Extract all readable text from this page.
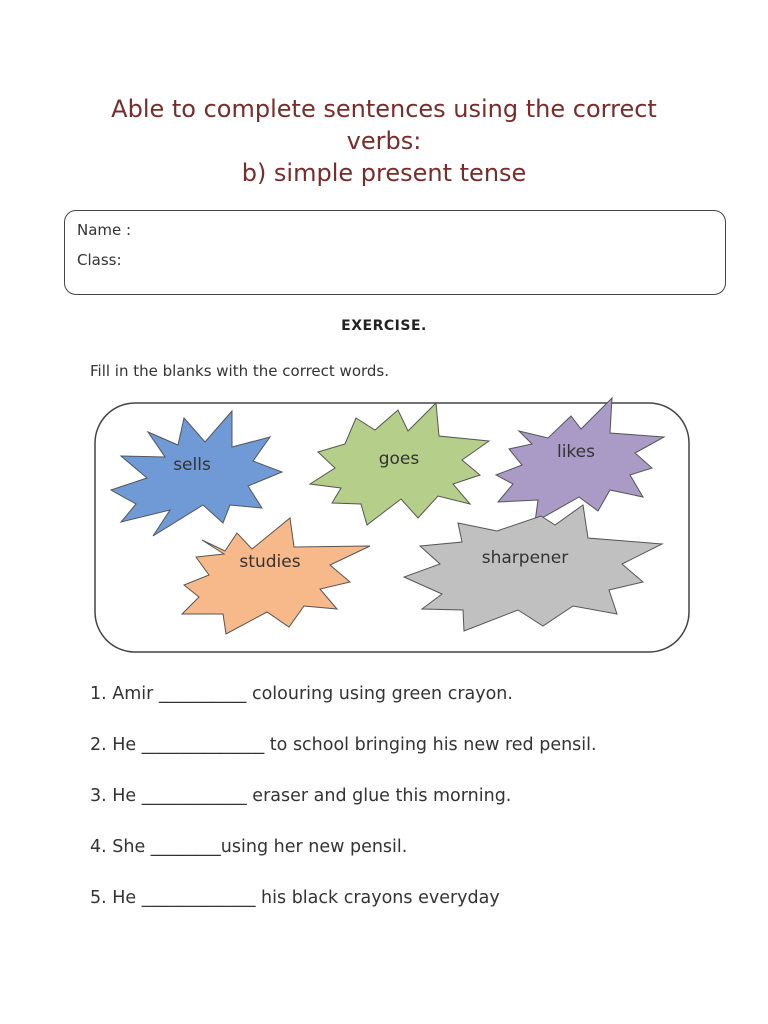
Able to complete sentences using the correct
verbs:
b) simple present tense
Name :
Class:
EXERCISE.
Fill in the blanks with the correct words.
sells	goes	likes
studies	sharpener
1. Amir __________ colouring using green crayon.
2. He ______________ to school bringing his new red pensil.
3. He ____________ eraser and glue this morning.
4. She ________using her new pensil.
5. He _____________ his black crayons everyday
